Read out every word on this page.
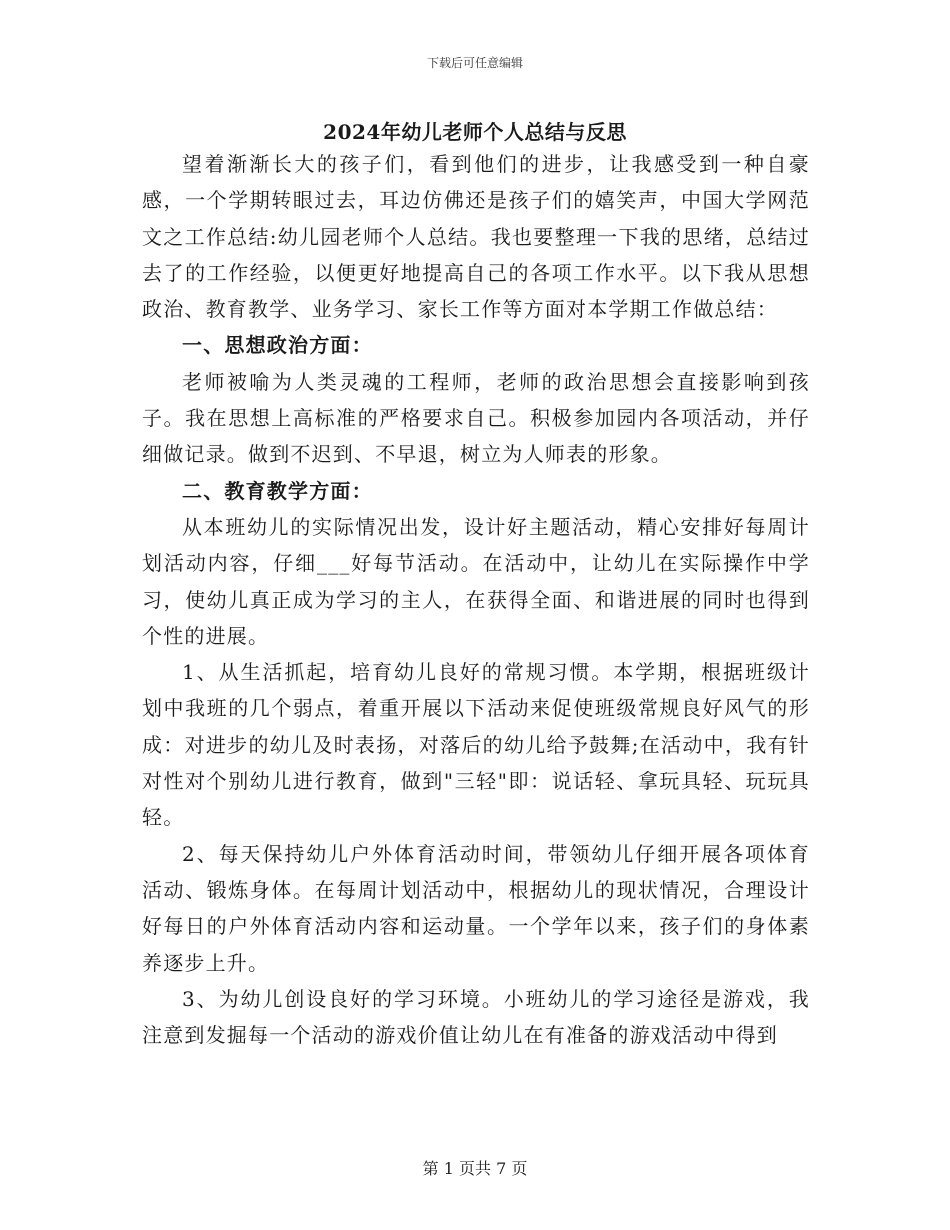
下载后可任意编辑
2024年幼儿老师个人总结与反思

望着渐渐长大的孩子们，看到他们的进步，让我感受到一种自豪感，一个学期转眼过去，耳边仿佛还是孩子们的嬉笑声，中国大学网范文之工作总结:幼儿园老师个人总结。我也要整理一下我的思绪，总结过去了的工作经验，以便更好地提高自己的各项工作水平。以下我从思想政治、教育教学、业务学习、家长工作等方面对本学期工作做总结：

一、思想政治方面：

老师被喻为人类灵魂的工程师，老师的政治思想会直接影响到孩子。我在思想上高标准的严格要求自己。积极参加园内各项活动，并仔细做记录。做到不迟到、不早退，树立为人师表的形象。

二、教育教学方面：

从本班幼儿的实际情况出发，设计好主题活动，精心安排好每周计划活动内容，仔细___好每节活动。在活动中，让幼儿在实际操作中学习，使幼儿真正成为学习的主人，在获得全面、和谐进展的同时也得到个性的进展。

1、从生活抓起，培育幼儿良好的常规习惯。本学期，根据班级计划中我班的几个弱点，着重开展以下活动来促使班级常规良好风气的形成：对进步的幼儿及时表扬，对落后的幼儿给予鼓舞;在活动中，我有针对性对个别幼儿进行教育，做到"三轻"即：说话轻、拿玩具轻、玩玩具轻。

2、每天保持幼儿户外体育活动时间，带领幼儿仔细开展各项体育活动、锻炼身体。在每周计划活动中，根据幼儿的现状情况，合理设计好每日的户外体育活动内容和运动量。一个学年以来，孩子们的身体素养逐步上升。

3、为幼儿创设良好的学习环境。小班幼儿的学习途径是游戏，我注意到发掘每一个活动的游戏价值让幼儿在有准备的游戏活动中得到

第 1 页共 7 页
